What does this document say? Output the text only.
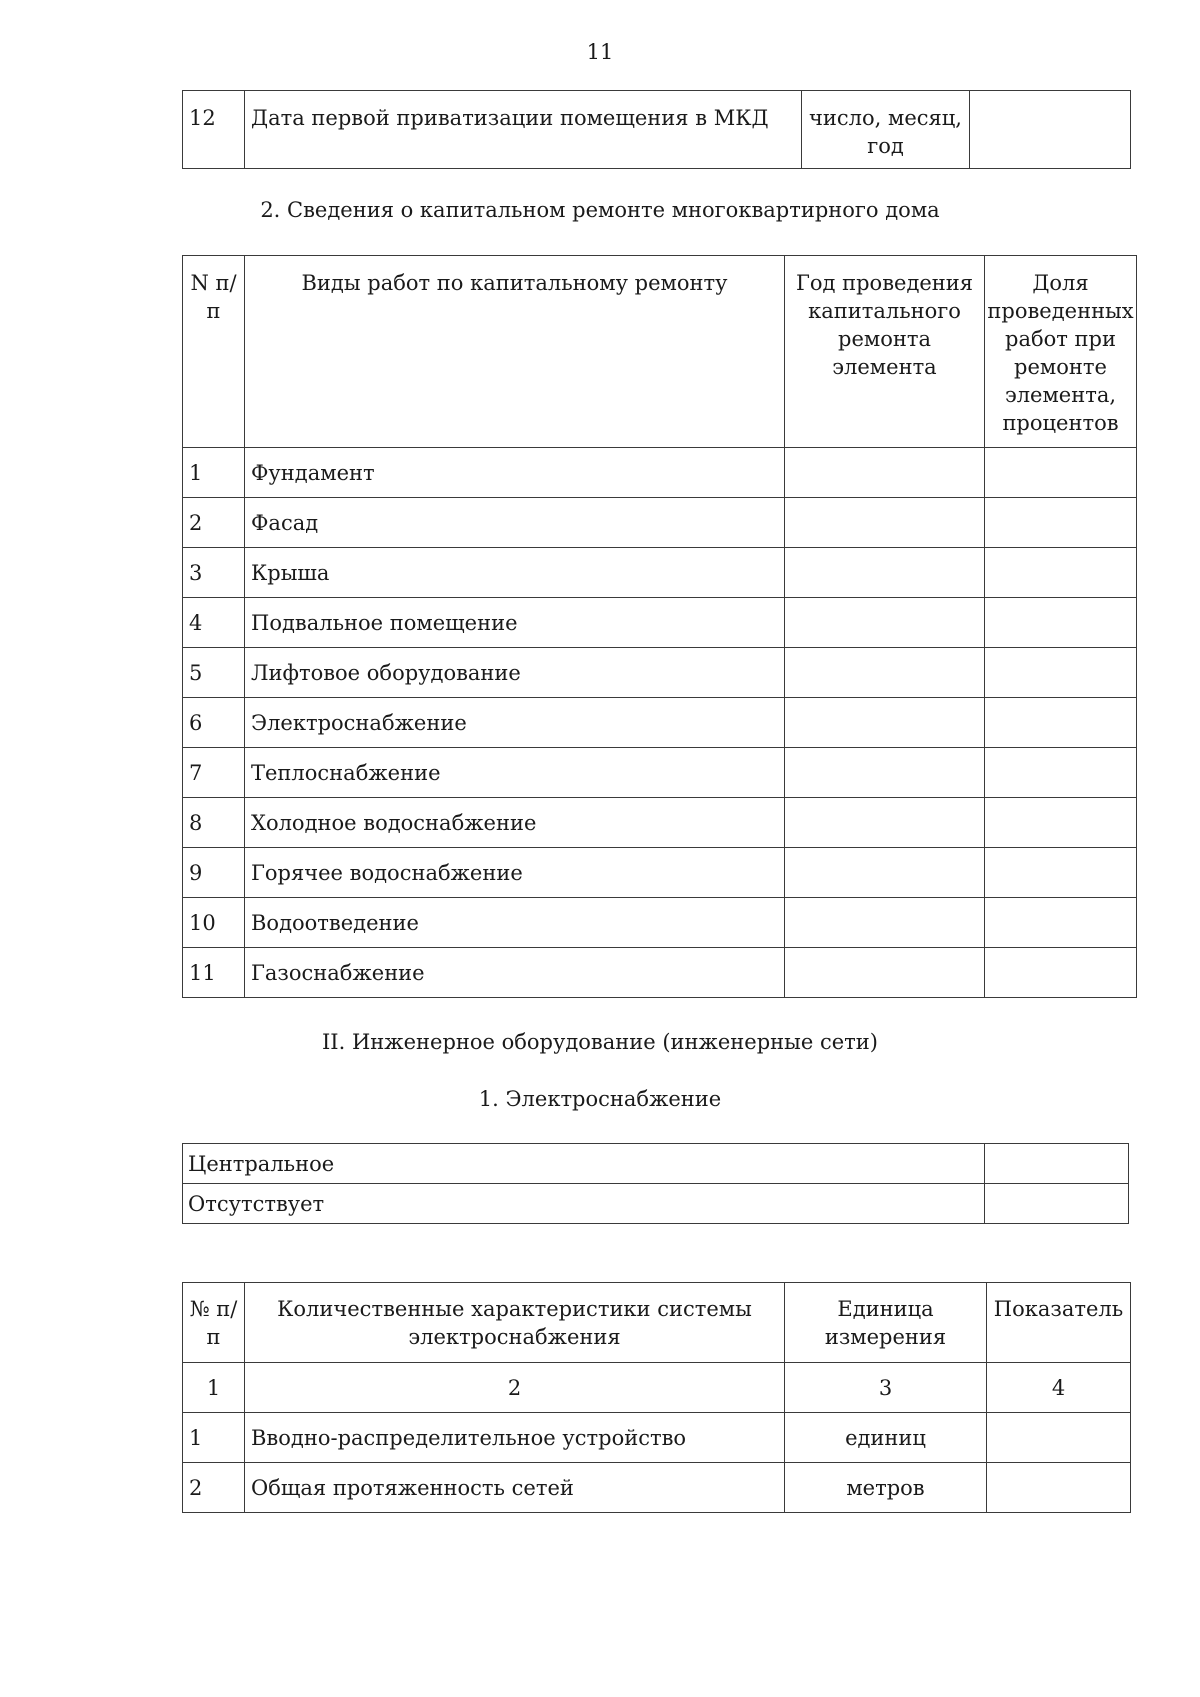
11
12	Дата первой приватизации помещения в МКД	число, месяц, год	
2. Сведения о капитальном ремонте многоквартирного дома
N п/п	Виды работ по капитальному ремонту	Год проведения капитального ремонта элемента	Доля проведенных работ при ремонте элемента, процентов
1	Фундамент		
2	Фасад		
3	Крыша		
4	Подвальное помещение		
5	Лифтовое оборудование		
6	Электроснабжение		
7	Теплоснабжение		
8	Холодное водоснабжение		
9	Горячее водоснабжение		
10	Водоотведение		
11	Газоснабжение		
II. Инженерное оборудование (инженерные сети)
1. Электроснабжение
Центральное	
Отсутствует	
№ п/п	Количественные характеристики системы электроснабжения	Единица измерения	Показатель
1	2	3	4
1	Вводно-распределительное устройство	единиц	
2	Общая протяженность сетей	метров	
